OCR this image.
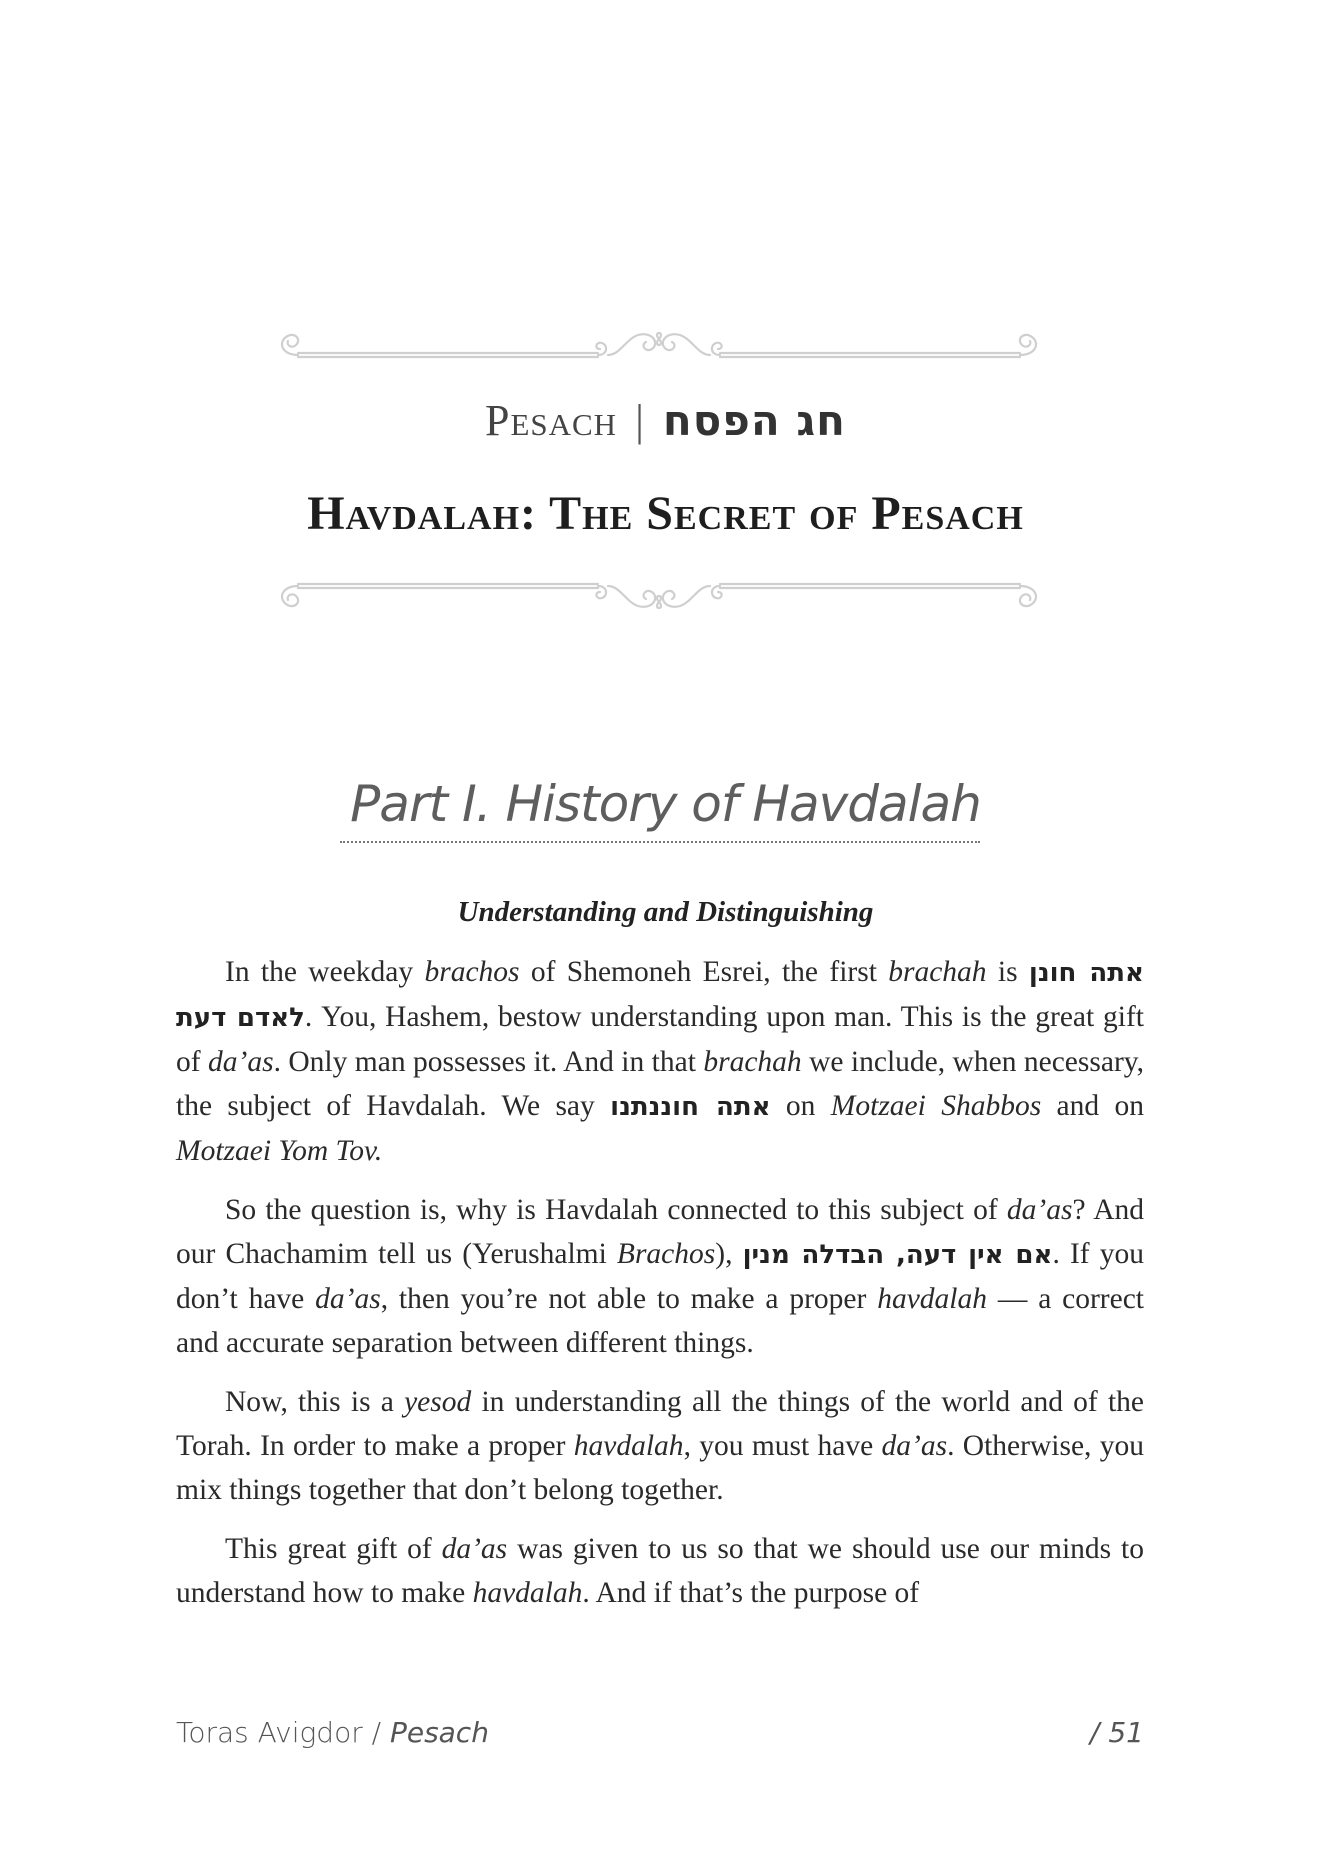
Pesach | חג הפסח
Havdalah: The Secret of Pesach
Part I. History of Havdalah
Understanding and Distinguishing

In the weekday brachos of Shemoneh Esrei, the first brachah is אתה חונן לאדם דעת. You, Hashem, bestow understanding upon man. This is the great gift of da’as. Only man possesses it. And in that brachah we include, when necessary, the subject of Havdalah. We say אתה חוננתנו on Motzaei Shabbos and on Motzaei Yom Tov.

So the question is, why is Havdalah connected to this subject of da’as? And our Chachamim tell us (Yerushalmi Brachos), אם אין דעה, הבדלה מנין. If you don’t have da’as, then you’re not able to make a proper havdalah — a correct and accurate separation between different things.

Now, this is a yesod in understanding all the things of the world and of the Torah. In order to make a proper havdalah, you must have da’as. Otherwise, you mix things together that don’t belong together.

This great gift of da’as was given to us so that we should use our minds to understand how to make havdalah. And if that’s the purpose of

Toras Avigdor / Pesach	/ 51
